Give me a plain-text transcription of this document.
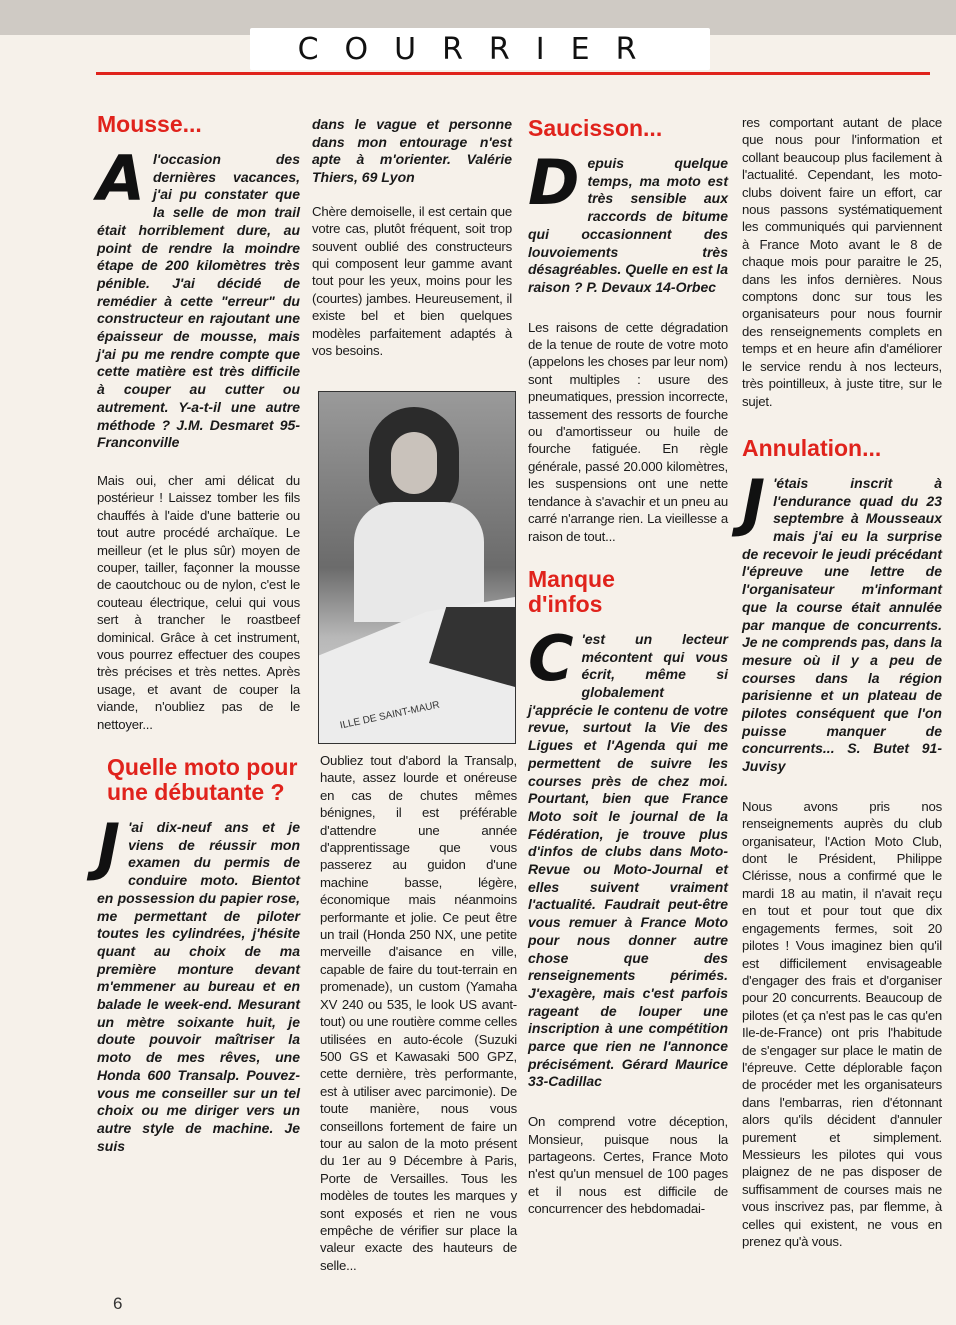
COURRIER
Mousse...

Al'occasion des dernières vacances, j'ai pu constater que la selle de mon trail était horriblement dure, au point de rendre la moindre étape de 200 kilomètres très pénible. J'ai décidé de remédier à cette "erreur" du constructeur en rajoutant une épaisseur de mousse, mais j'ai pu me rendre compte que cette matière est très difficile à couper au cutter ou autrement. Y-a-t-il une autre méthode ? J.M. Desmaret 95-Franconville

Mais oui, cher ami délicat du postérieur ! Laissez tomber les fils chauffés à l'aide d'une batterie ou tout autre procédé archaïque. Le meilleur (et le plus sûr) moyen de couper, tailler, façonner la mousse de caoutchouc ou de nylon, c'est le couteau électrique, celui qui vous sert à trancher le roastbeef dominical. Grâce à cet instrument, vous pourrez effectuer des coupes très précises et très nettes. Après usage, et avant de couper la viande, n'oubliez pas de le nettoyer...

Quelle moto pour une débutante ?

J 'ai dix-neuf ans et je viens de réussir mon examen du permis de conduire moto. Bientot en possession du papier rose, me permettant de piloter toutes les cylindrées, j'hésite quant au choix de ma première monture devant m'emmener au bureau et en balade le week-end. Mesurant un mètre soixante huit, je doute pouvoir maîtriser la moto de mes rêves, une Honda 600 Transalp. Pouvez-vous me conseiller sur un tel choix ou me diriger vers un autre style de machine. Je suis

dans le vague et personne dans mon entourage n'est apte à m'orienter. Valérie Thiers, 69 Lyon

Chère demoiselle, il est certain que votre cas, plutôt fréquent, soit trop souvent oublié des constructeurs qui composent leur gamme avant tout pour les yeux, moins pour les (courtes) jambes. Heureusement, il existe bel et bien quelques modèles parfaitement adaptés à vos besoins.

ILLE DE SAINT-MAUR

Oubliez tout d'abord la Transalp, haute, assez lourde et onéreuse en cas de chutes mêmes bénignes, il est préférable d'attendre une année d'apprentissage que vous passerez au guidon d'une machine basse, légère, économique mais néanmoins performante et jolie. Ce peut être un trail (Honda 250 NX, une petite merveille d'aisance en ville, capable de faire du tout-terrain en promenade), un custom (Yamaha XV 240 ou 535, le look US avant-tout) ou une routière comme celles utilisées en auto-école (Suzuki 500 GS et Kawasaki 500 GPZ, cette dernière, très performante, est à utiliser avec parcimonie). De toute manière, nous vous conseillons fortement de faire un tour au salon de la moto présent du 1er au 9 Décembre à Paris, Porte de Versailles. Tous les modèles de toutes les marques y sont exposés et rien ne vous empêche de vérifier sur place la valeur exacte des hauteurs de selle...

Saucisson...

Depuis quelque temps, ma moto est très sensible aux raccords de bitume qui occasionnent des louvoiements très désagréables. Quelle en est la raison ? P. Devaux 14-Orbec

Les raisons de cette dégradation de la tenue de route de votre moto (appelons les choses par leur nom) sont multiples : usure des pneumatiques, pression incorrecte, tassement des ressorts de fourche ou d'amortisseur ou huile de fourche fatiguée. En règle générale, passé 20.000 kilomètres, les suspensions ont une nette tendance à s'avachir et un pneu au carré n'arrange rien. La vieillesse a raison de tout...

Manque d'infos

C 'est un lecteur mécontent qui vous écrit, même si globalement j'apprécie le contenu de votre revue, surtout la Vie des Ligues et l'Agenda qui me permettent de suivre les courses près de chez moi. Pourtant, bien que France Moto soit le journal de la Fédération, je trouve plus d'infos de clubs dans Moto-Revue ou Moto-Journal et elles suivent vraiment l'actualité. Faudrait peut-être vous remuer à France Moto pour nous donner autre chose que des renseignements périmés. J'exagère, mais c'est parfois rageant de louper une inscription à une compétition parce que rien ne l'annonce précisément. Gérard Maurice 33-Cadillac

On comprend votre déception, Monsieur, puisque nous la partageons. Certes, France Moto n'est qu'un mensuel de 100 pages et il nous est difficile de concurrencer des hebdomadai-

res comportant autant de place que nous pour l'information et collant beaucoup plus facilement à l'actualité. Cependant, les moto-clubs doivent faire un effort, car nous passons systématiquement les communiqués qui parviennent à France Moto avant le 8 de chaque mois pour paraitre le 25, dans les infos dernières. Nous comptons donc sur tous les organisateurs pour nous fournir des renseignements complets en temps et en heure afin d'améliorer le service rendu à nos lecteurs, très pointilleux, à juste titre, sur le sujet.

Annulation...

J 'étais inscrit à l'endurance quad du 23 septembre à Mousseaux mais j'ai eu la surprise de recevoir le jeudi précédant l'épreuve une lettre de l'organisateur m'informant que la course était annulée par manque de concurrents. Je ne comprends pas, dans la mesure où il y a peu de courses dans la région parisienne et un plateau de pilotes conséquent que l'on puisse manquer de concurrents... S. Butet 91-Juvisy

Nous avons pris nos renseignements auprès du club organisateur, l'Action Moto Club, dont le Président, Philippe Clérisse, nous a confirmé que le mardi 18 au matin, il n'avait reçu en tout et pour tout que dix engagements fermes, soit 20 pilotes ! Vous imaginez bien qu'il est difficilement envisageable d'engager des frais et d'organiser pour 20 concurrents. Beaucoup de pilotes (et ça n'est pas le cas qu'en Ile-de-France) ont pris l'habitude de s'engager sur place le matin de l'épreuve. Cette déplorable façon de procéder met les organisateurs dans l'embarras, rien d'étonnant alors qu'ils décident d'annuler purement et simplement. Messieurs les pilotes qui vous plaignez de ne pas disposer de suffisamment de courses mais ne vous inscrivez pas, par flemme, à celles qui existent, ne vous en prenez qu'à vous.

6
